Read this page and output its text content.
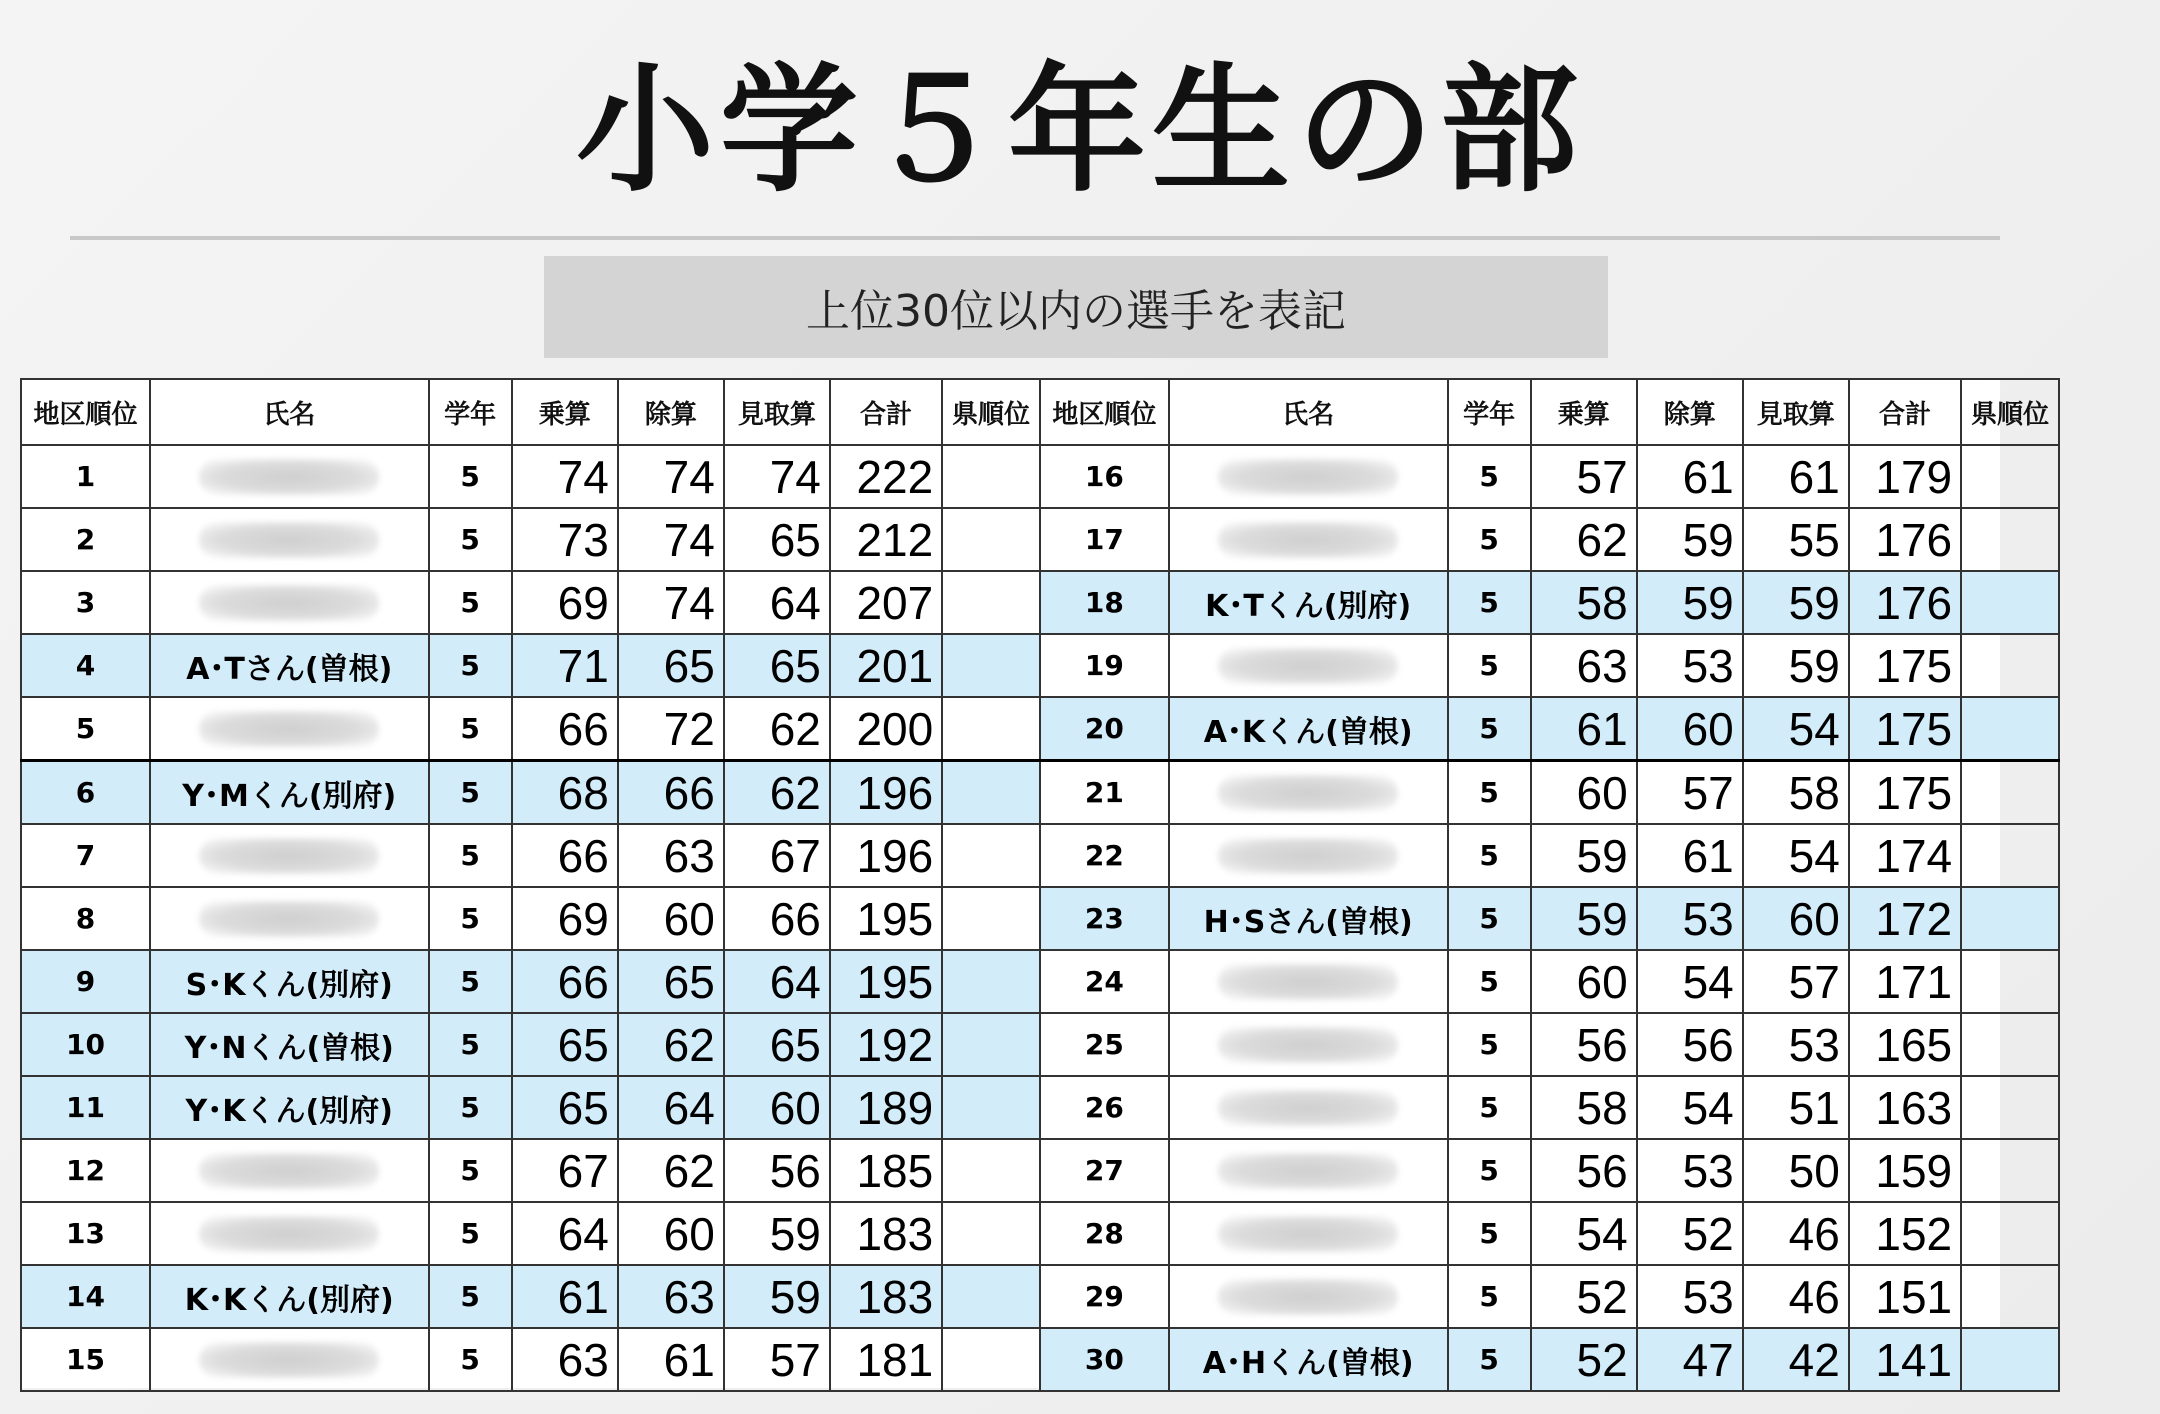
小学５年生の部
上位30位以内の選手を表記
地区順位	氏名	学年	乗算	除算	見取算	合計	県順位	地区順位	氏名	学年	乗算	除算	見取算	合計	県順位
1		5	74	74	74	222		16		5	57	61	61	179	
2		5	73	74	65	212		17		5	62	59	55	176	
3		5	69	74	64	207		18	K･Tくん(別府)	5	58	59	59	176	
4	A･Tさん(曽根)	5	71	65	65	201		19		5	63	53	59	175	
5		5	66	72	62	200		20	A･Kくん(曽根)	5	61	60	54	175	
6	Y･Mくん(別府)	5	68	66	62	196		21		5	60	57	58	175	
7		5	66	63	67	196		22		5	59	61	54	174	
8		5	69	60	66	195		23	H･Sさん(曽根)	5	59	53	60	172	
9	S･Kくん(別府)	5	66	65	64	195		24		5	60	54	57	171	
10	Y･Nくん(曽根)	5	65	62	65	192		25		5	56	56	53	165	
11	Y･Kくん(別府)	5	65	64	60	189		26		5	58	54	51	163	
12		5	67	62	56	185		27		5	56	53	50	159	
13		5	64	60	59	183		28		5	54	52	46	152	
14	K･Kくん(別府)	5	61	63	59	183		29		5	52	53	46	151	
15		5	63	61	57	181		30	A･Hくん(曽根)	5	52	47	42	141	
